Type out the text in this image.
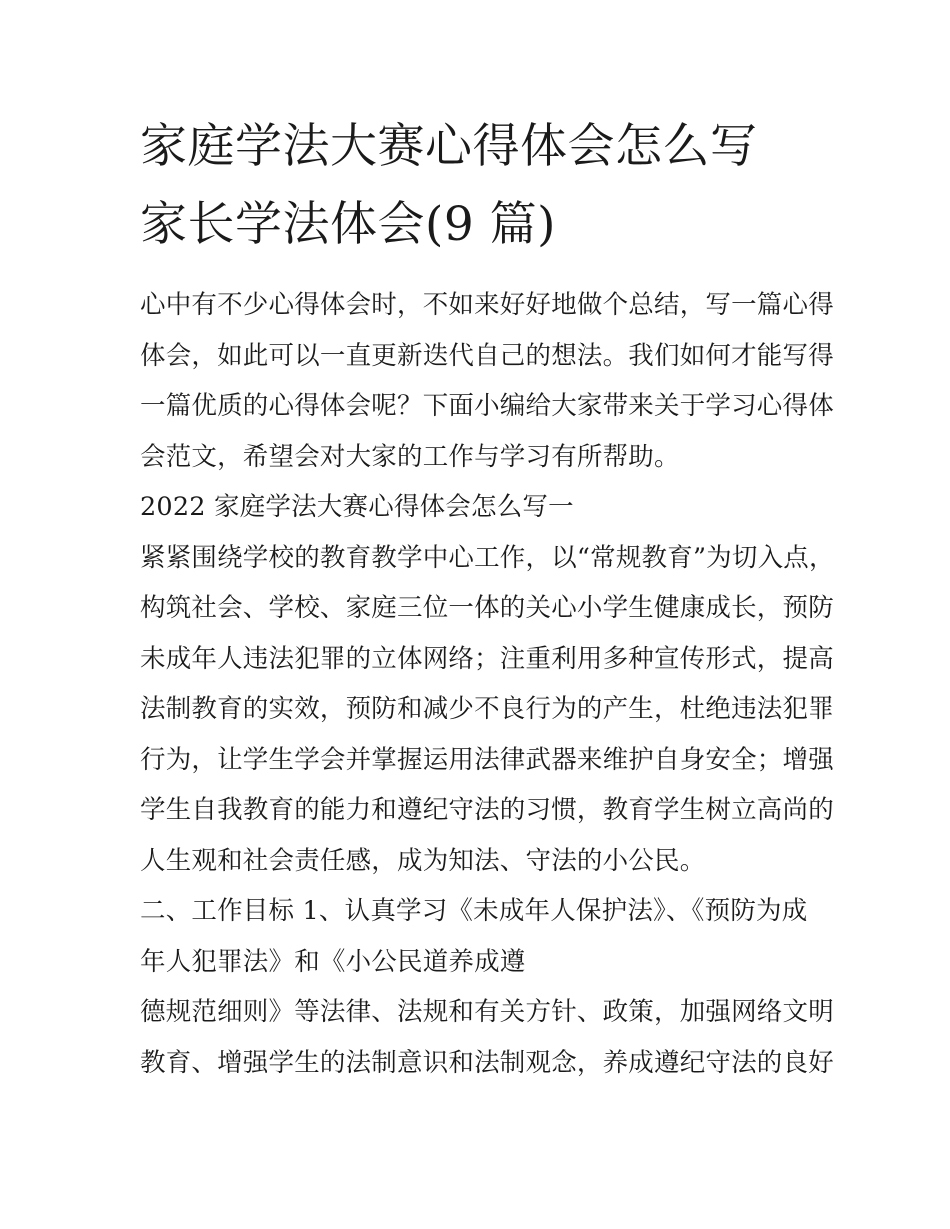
家庭学法大赛心得体会怎么写
家长学法体会(9 篇)
心中有不少心得体会时，不如来好好地做个总结，写一篇心得
体会，如此可以一直更新迭代自己的想法。我们如何才能写得
一篇优质的心得体会呢？下面小编给大家带来关于学习心得体
会范文，希望会对大家的工作与学习有所帮助。
2022 家庭学法大赛心得体会怎么写一
紧紧围绕学校的教育教学中心工作，以“常规教育”为切入点，
构筑社会、学校、家庭三位一体的关心小学生健康成长，预防
未成年人违法犯罪的立体网络；注重利用多种宣传形式，提高
法制教育的实效，预防和减少不良行为的产生，杜绝违法犯罪
行为，让学生学会并掌握运用法律武器来维护自身安全；增强
学生自我教育的能力和遵纪守法的习惯，教育学生树立高尚的
人生观和社会责任感，成为知法、守法的小公民。
二、工作目标 1、认真学习《未成年人保护法》、《预防为成
年人犯罪法》和《小公民道养成遵
德规范细则》等法律、法规和有关方针、政策，加强网络文明
教育、增强学生的法制意识和法制观念，养成遵纪守法的良好
